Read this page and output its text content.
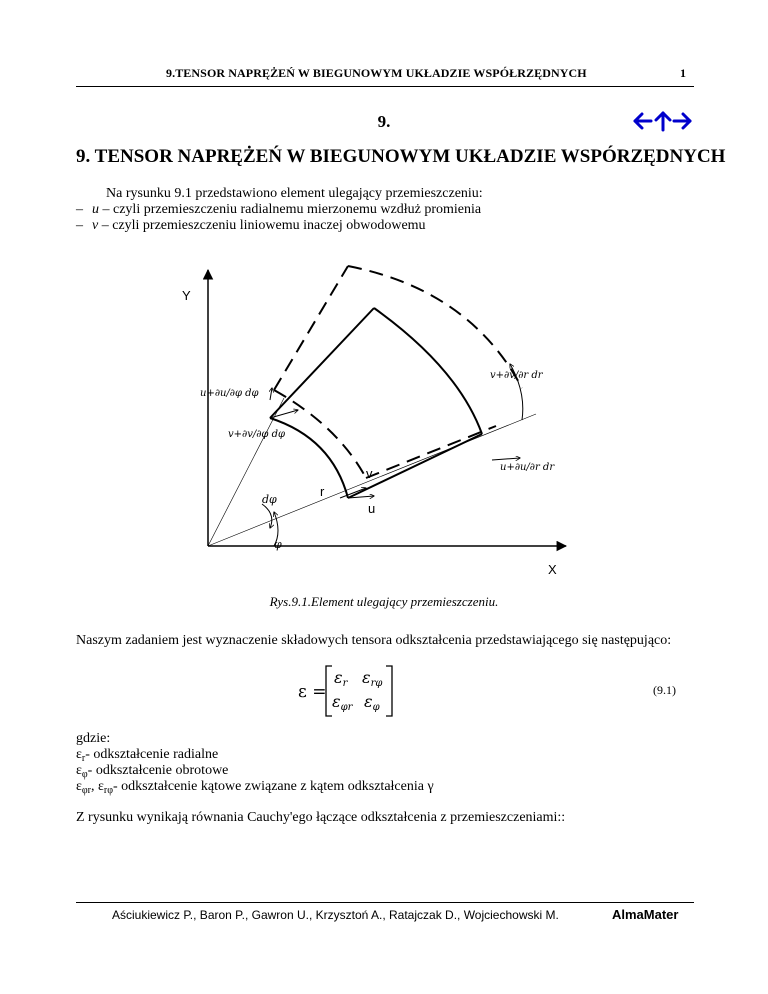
9.TENSOR NAPRĘŻEŃ W BIEGUNOWYM UKŁADZIE WSPÓŁRZĘDNYCH	1
9.
9. TENSOR NAPRĘŻEŃ W BIEGUNOWYM UKŁADZIE WSPÓRZĘDNYCH
Na rysunku 9.1 przedstawiono element ulegający przemieszczeniu:
– u – czyli przemieszczeniu radialnemu mierzonemu wzdłuż promienia
– v – czyli przemieszczeniu liniowemu inaczej obwodowemu
Y
X
v
r
u
φ
dφ
u+∂u/∂φ dφ
v+∂v/∂φ dφ
v+∂v/∂r dr
u+∂u/∂r dr
Rys.9.1.Element ulegający przemieszczeniu.
Naszym zadaniem jest wyznaczenie składowych tensora odkształcenia przedstawiającego się następująco:
ε =
$\varepsilon_r$ $\varepsilon_{r\varphi}$
$\varepsilon_{\varphi r}$ $\varepsilon_\varphi$
(9.1)
gdzie:
$\varepsilon_r-$ odkształcenie radialne
$\varepsilon_\varphi-$ odkształcenie obrotowe
$\varepsilon_{\varphi r}$, $\varepsilon_{r\varphi}-$ odkształcenie kątowe związane z kątem odkształcenia γ
Z rysunku wynikają równania Cauchy'ego łączące odkształcenia z przemieszczeniami::
Aściukiewicz P., Baron P., Gawron U., Krzysztoń A., Ratajczak D., Wojciechowski M.	AlmaMater
